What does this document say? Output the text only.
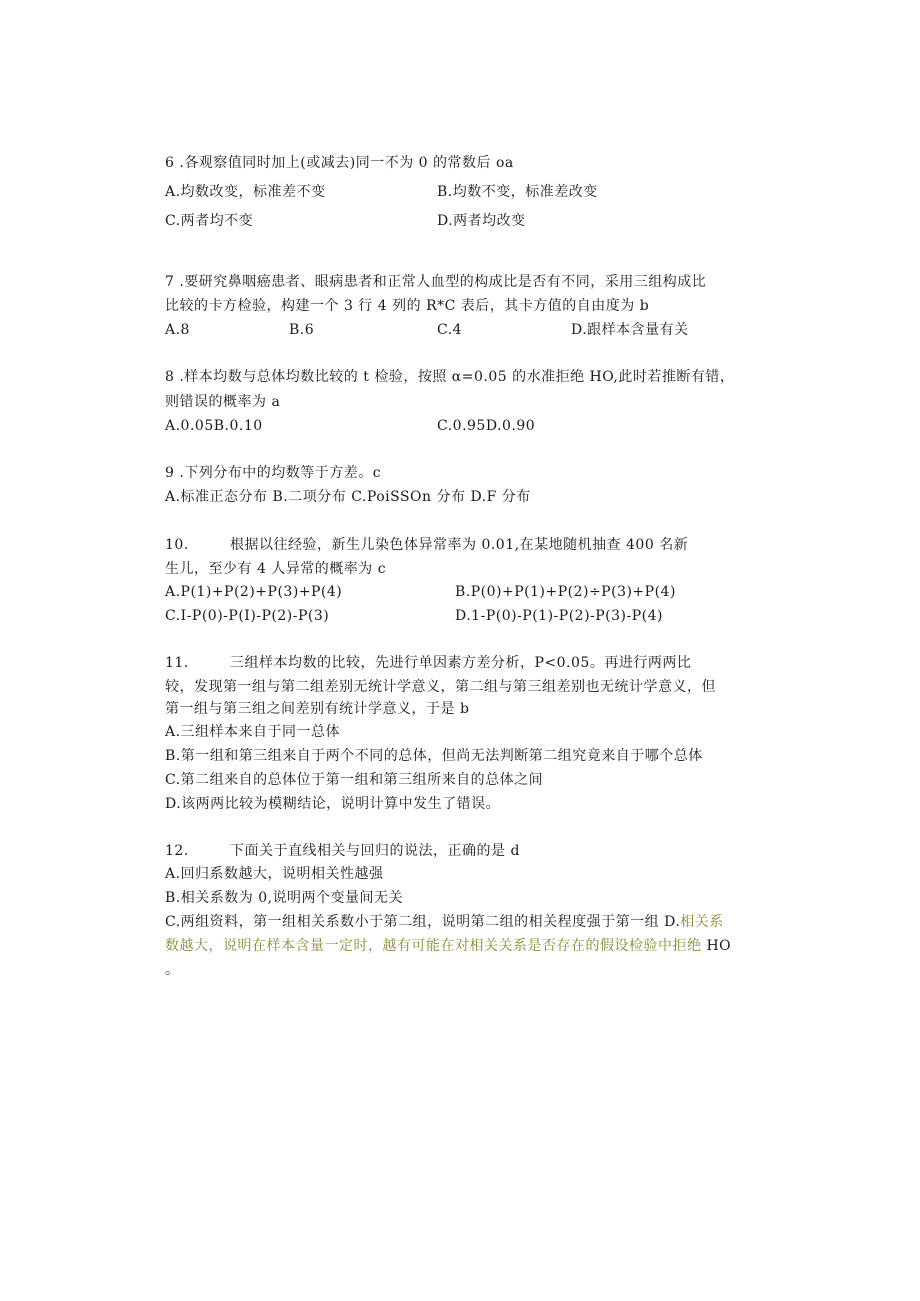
6 .各观察值同时加上(或减去)同一不为 0 的常数后 oa
A.均数改变，标准差不变	B.均数不变，标准差改变
C.两者均不变	D.两者均改变
7 .要研究鼻咽癌患者、眼病患者和正常人血型的构成比是否有不同，采用三组构成比
比较的卡方检验，构建一个 3 行 4 列的 R*C 表后，其卡方值的自由度为 b
A.8	B.6	C.4	D.跟样本含量有关
8 .样本均数与总体均数比较的 t 检验，按照 α=0.05 的水准拒绝 HO,此时若推断有错，
则错误的概率为 a
A.0.05B.0.10	C.0.95D.0.90
9 .下列分布中的均数等于方差。c
A.标准正态分布 B.二项分布 C.PoiSSOn 分布 D.F 分布
10.	根据以往经验，新生儿染色体异常率为 0.01,在某地随机抽查 400 名新
生儿，至少有 4 人异常的概率为 c
A.P(1)+P(2)+P(3)+P(4)	B.P(0)+P(1)+P(2)÷P(3)+P(4)
C.I-P(0)-P(I)-P(2)-P(3)	D.1-P(0)-P(1)-P(2)-P(3)-P(4)
11.	三组样本均数的比较，先进行单因素方差分析，P<0.05。再进行两两比
较，发现第一组与第二组差别无统计学意义，第二组与第三组差别也无统计学意义，但
第一组与第三组之间差别有统计学意义，于是 b
A.三组样本来自于同一总体
B.第一组和第三组来自于两个不同的总体，但尚无法判断第二组究竟来自于哪个总体
C.第二组来自的总体位于第一组和第三组所来自的总体之间
D.该两两比较为模糊结论，说明计算中发生了错误。
12.	下面关于直线相关与回归的说法，正确的是 d
A.回归系数越大，说明相关性越强
B.相关系数为 0,说明两个变量间无关
C.两组资料，第一组相关系数小于第二组，说明第二组的相关程度强于第一组 D.相关系
数越大，说明在样本含量一定时，越有可能在对相关关系是否存在的假设检验中拒绝 HO
。
